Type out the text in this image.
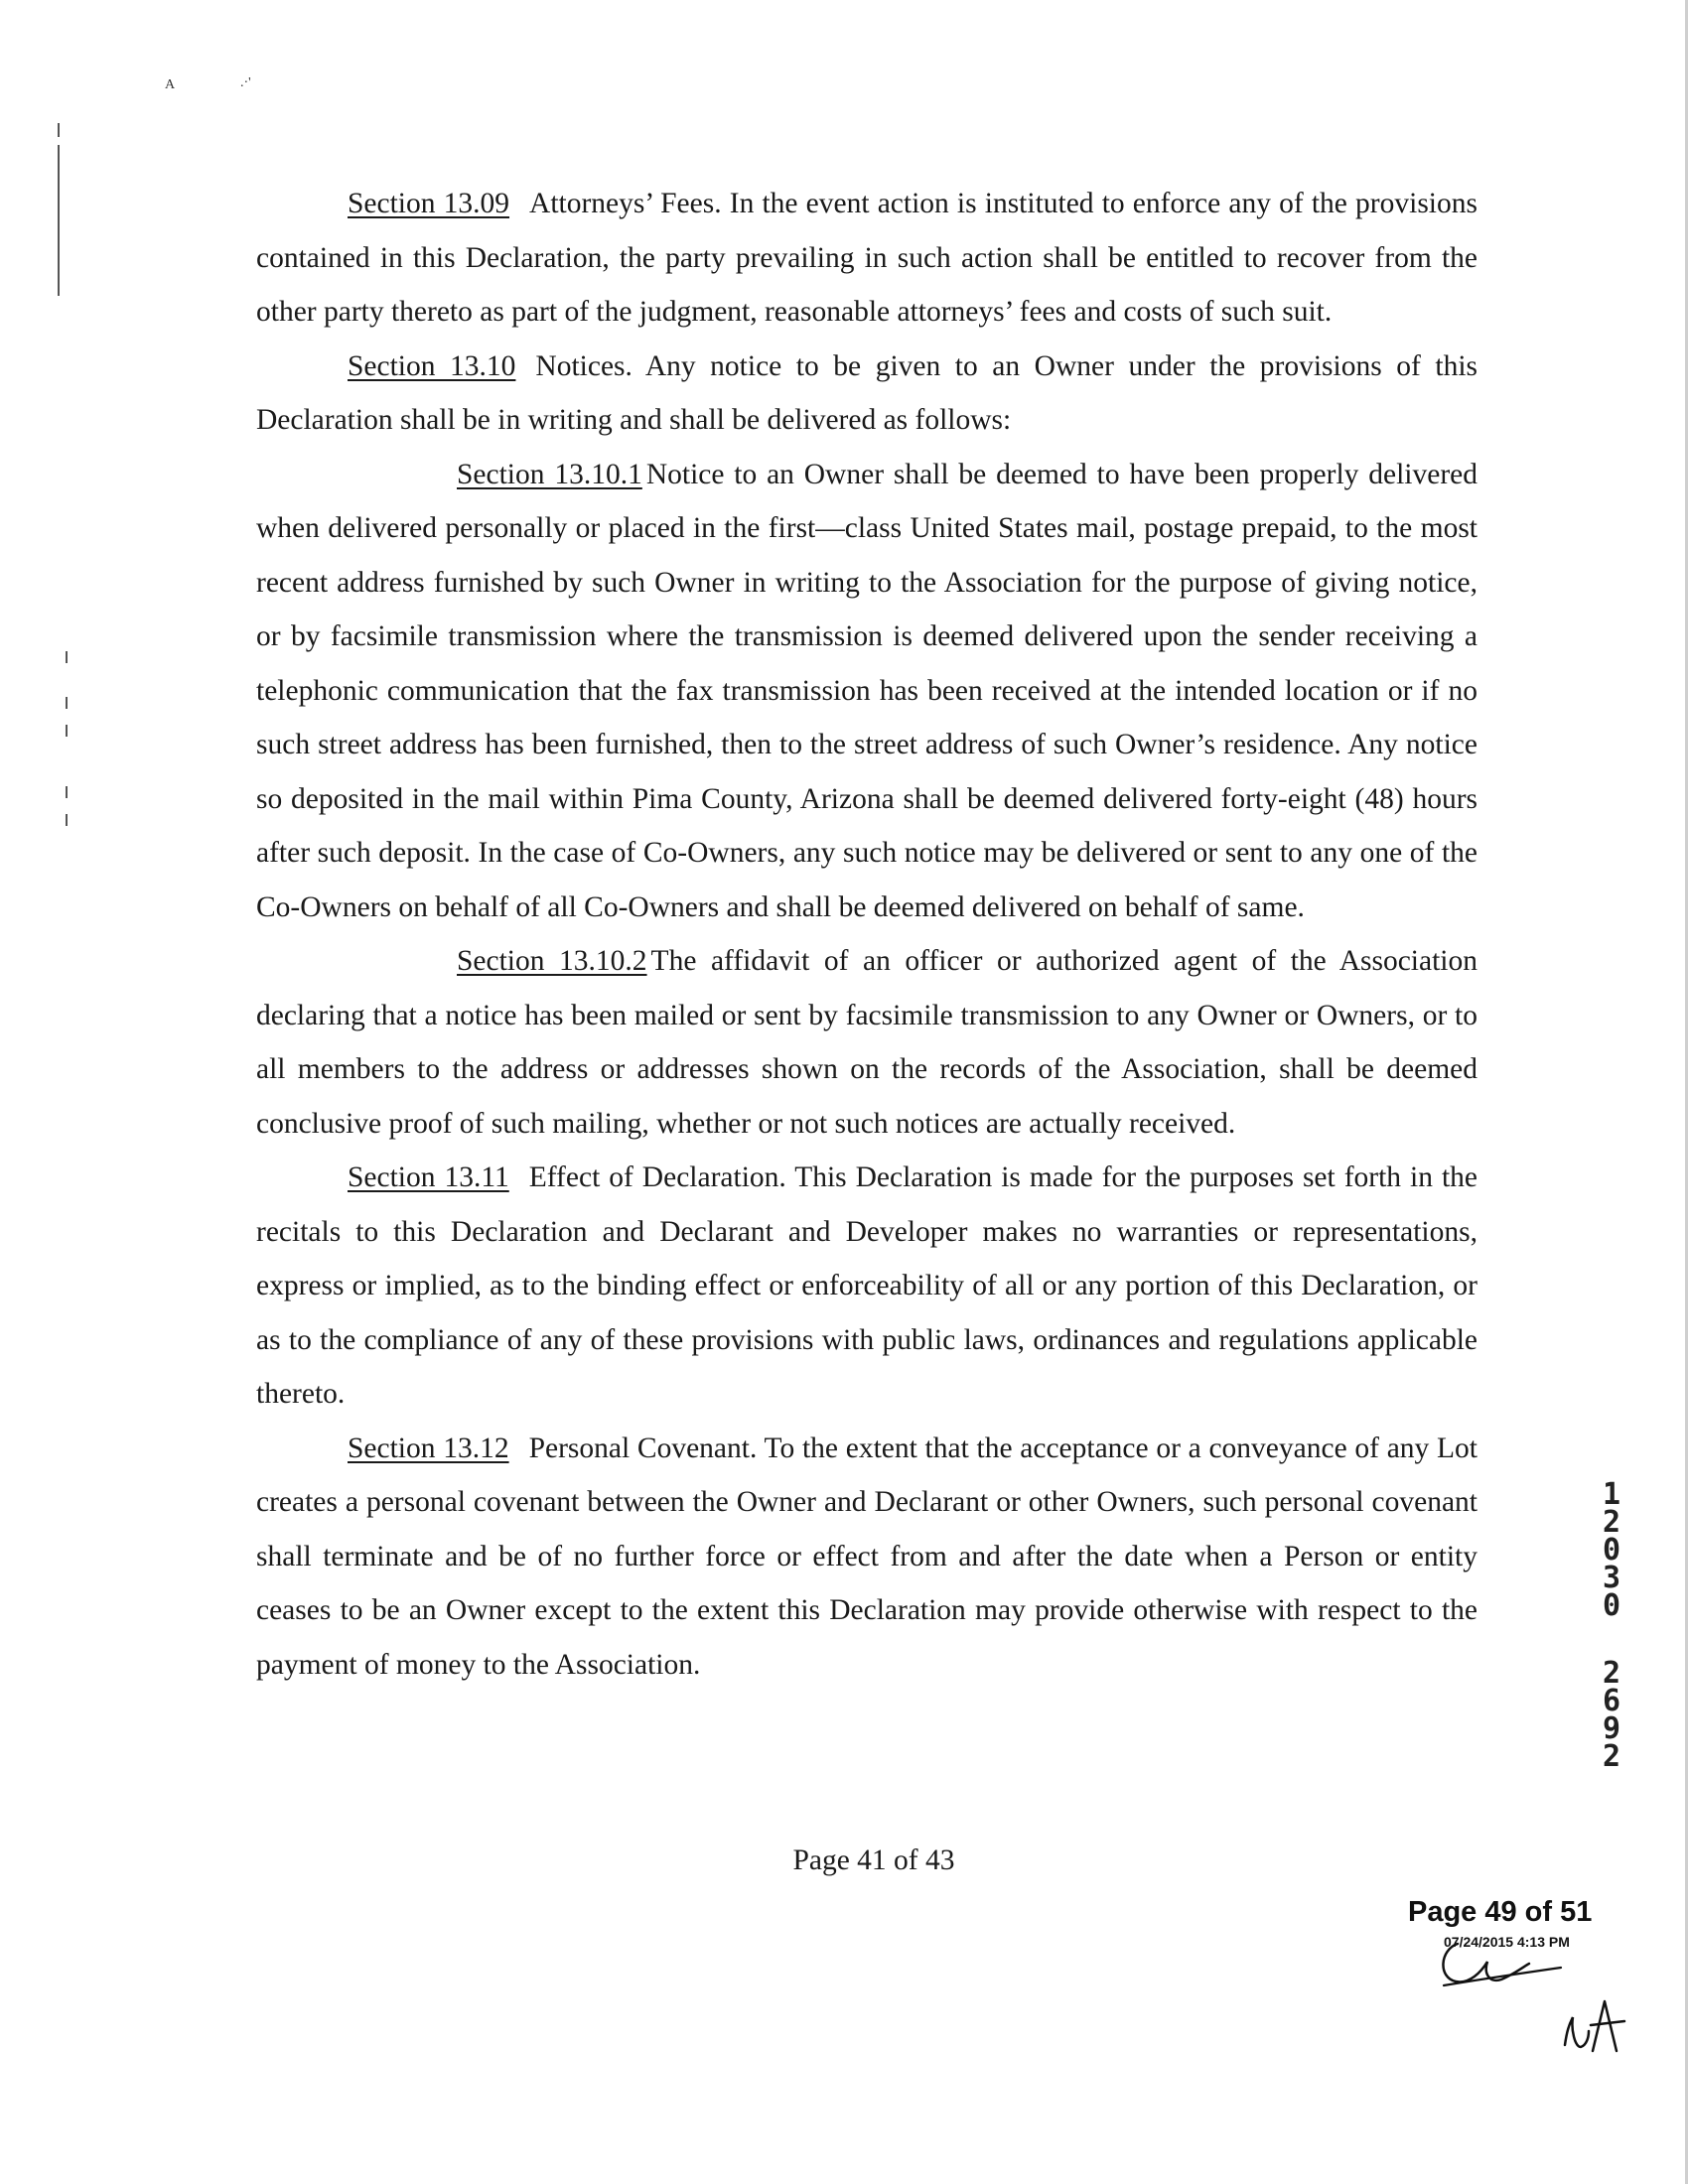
A	.·'

Section 13.09 Attorneys’ Fees. In the event action is instituted to enforce any of the provisions contained in this Declaration, the party prevailing in such action shall be entitled to recover from the other party thereto as part of the judgment, reasonable attorneys’ fees and costs of such suit.

Section 13.10 Notices. Any notice to be given to an Owner under the provisions of this Declaration shall be in writing and shall be delivered as follows:

Section 13.10.1 Notice to an Owner shall be deemed to have been properly delivered when delivered personally or placed in the first—class United States mail, postage prepaid, to the most recent address furnished by such Owner in writing to the Association for the purpose of giving notice, or by facsimile transmission where the transmission is deemed delivered upon the sender receiving a telephonic communication that the fax transmission has been received at the intended location or if no such street address has been furnished, then to the street address of such Owner’s residence. Any notice so deposited in the mail within Pima County, Arizona shall be deemed delivered forty-eight (48) hours after such deposit. In the case of Co-Owners, any such notice may be delivered or sent to any one of the Co-Owners on behalf of all Co-Owners and shall be deemed delivered on behalf of same.

Section 13.10.2 The affidavit of an officer or authorized agent of the Association declaring that a notice has been mailed or sent by facsimile transmission to any Owner or Owners, or to all members to the address or addresses shown on the records of the Association, shall be deemed conclusive proof of such mailing, whether or not such notices are actually received.

Section 13.11 Effect of Declaration. This Declaration is made for the purposes set forth in the recitals to this Declaration and Declarant and Developer makes no warranties or representations, express or implied, as to the binding effect or enforceability of all or any portion of this Declaration, or as to the compliance of any of these provisions with public laws, ordinances and regulations applicable thereto.

Section 13.12 Personal Covenant. To the extent that the acceptance or a conveyance of any Lot creates a personal covenant between the Owner and Declarant or other Owners, such personal covenant shall terminate and be of no further force or effect from and after the date when a Person or entity ceases to be an Owner except to the extent this Declaration may provide otherwise with respect to the payment of money to the Association.

Page 41 of 43
1
2
0
3
0
2
6
9
2
Page 49 of 51
07/24/2015 4:13 PM
